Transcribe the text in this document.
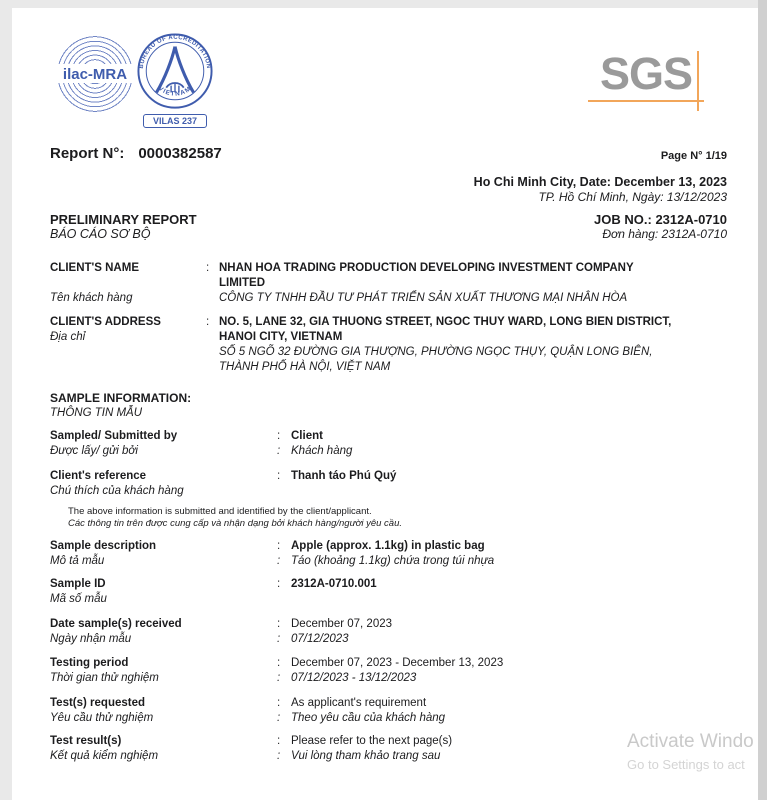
ilac-MRA	BUREAU OF ACCREDITATION
VIETNAM
VILAS 237
SGS
Report N°: 0000382587	Page N° 1/19
Ho Chi Minh City, Date: December 13, 2023
TP. Hồ Chí Minh, Ngày: 13/12/2023
PRELIMINARY REPORT
BÁO CÁO SƠ BỘ
JOB NO.: 2312A-0710
Đơn hàng: 2312A-0710
CLIENT'S NAME
Tên khách hàng
: NHAN HOA TRADING PRODUCTION DEVELOPING INVESTMENT COMPANY
LIMITED
CÔNG TY TNHH ĐẦU TƯ PHÁT TRIỂN SẢN XUẤT THƯƠNG MẠI NHÂN HÒA
CLIENT'S ADDRESS
Địa chỉ
: NO. 5, LANE 32, GIA THUONG STREET, NGOC THUY WARD, LONG BIEN DISTRICT,
HANOI CITY, VIETNAM
SỐ 5 NGÕ 32 ĐƯỜNG GIA THƯỢNG, PHƯỜNG NGỌC THỤY, QUẬN LONG BIÊN,
THÀNH PHỐ HÀ NỘI, VIỆT NAM
SAMPLE INFORMATION:
THÔNG TIN MẪU
Sampled/ Submitted by
Được lấy/ gửi bởi
: Client
: Khách hàng
Client's reference
Chú thích của khách hàng
: Thanh táo Phú Quý
The above information is submitted and identified by the client/applicant.
Các thông tin trên được cung cấp và nhận dạng bởi khách hàng/người yêu cầu.
Sample description
Mô tả mẫu
: Apple (approx. 1.1kg) in plastic bag
: Táo (khoảng 1.1kg) chứa trong túi nhựa
Sample ID
Mã số mẫu
: 2312A-0710.001
Date sample(s) received
Ngày nhận mẫu
: December 07, 2023
: 07/12/2023
Testing period
Thời gian thử nghiệm
: December 07, 2023 - December 13, 2023
: 07/12/2023 - 13/12/2023
Test(s) requested
Yêu cầu thử nghiệm
: As applicant's requirement
: Theo yêu cầu của khách hàng
Test result(s)
Kết quả kiểm nghiệm
: Please refer to the next page(s)
: Vui lòng tham khảo trang sau
Activate Windo
Go to Settings to act
